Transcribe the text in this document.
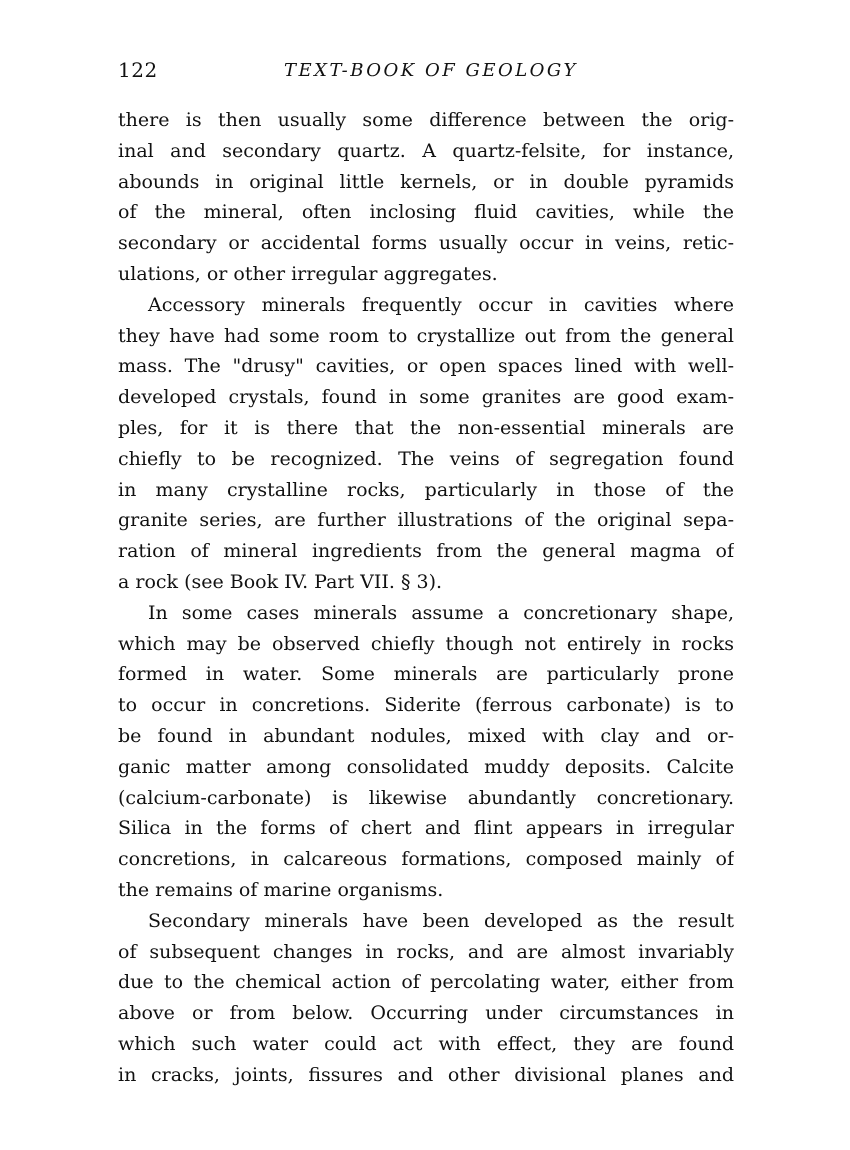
122	TEXT-BOOK OF GEOLOGY
there is then usually some difference between the orig-
inal and secondary quartz. A quartz-felsite, for instance,
abounds in original little kernels, or in double pyramids
of the mineral, often inclosing fluid cavities, while the
secondary or accidental forms usually occur in veins, retic-
ulations, or other irregular aggregates.
Accessory minerals frequently occur in cavities where
they have had some room to crystallize out from the general
mass. The "drusy" cavities, or open spaces lined with well-
developed crystals, found in some granites are good exam-
ples, for it is there that the non-essential minerals are
chiefly to be recognized. The veins of segregation found
in many crystalline rocks, particularly in those of the
granite series, are further illustrations of the original sepa-
ration of mineral ingredients from the general magma of
a rock (see Book IV. Part VII. § 3).
In some cases minerals assume a concretionary shape,
which may be observed chiefly though not entirely in rocks
formed in water. Some minerals are particularly prone
to occur in concretions. Siderite (ferrous carbonate) is to
be found in abundant nodules, mixed with clay and or-
ganic matter among consolidated muddy deposits. Calcite
(calcium-carbonate) is likewise abundantly concretionary.
Silica in the forms of chert and flint appears in irregular
concretions, in calcareous formations, composed mainly of
the remains of marine organisms.
Secondary minerals have been developed as the result
of subsequent changes in rocks, and are almost invariably
due to the chemical action of percolating water, either from
above or from below. Occurring under circumstances in
which such water could act with effect, they are found
in cracks, joints, fissures and other divisional planes and
